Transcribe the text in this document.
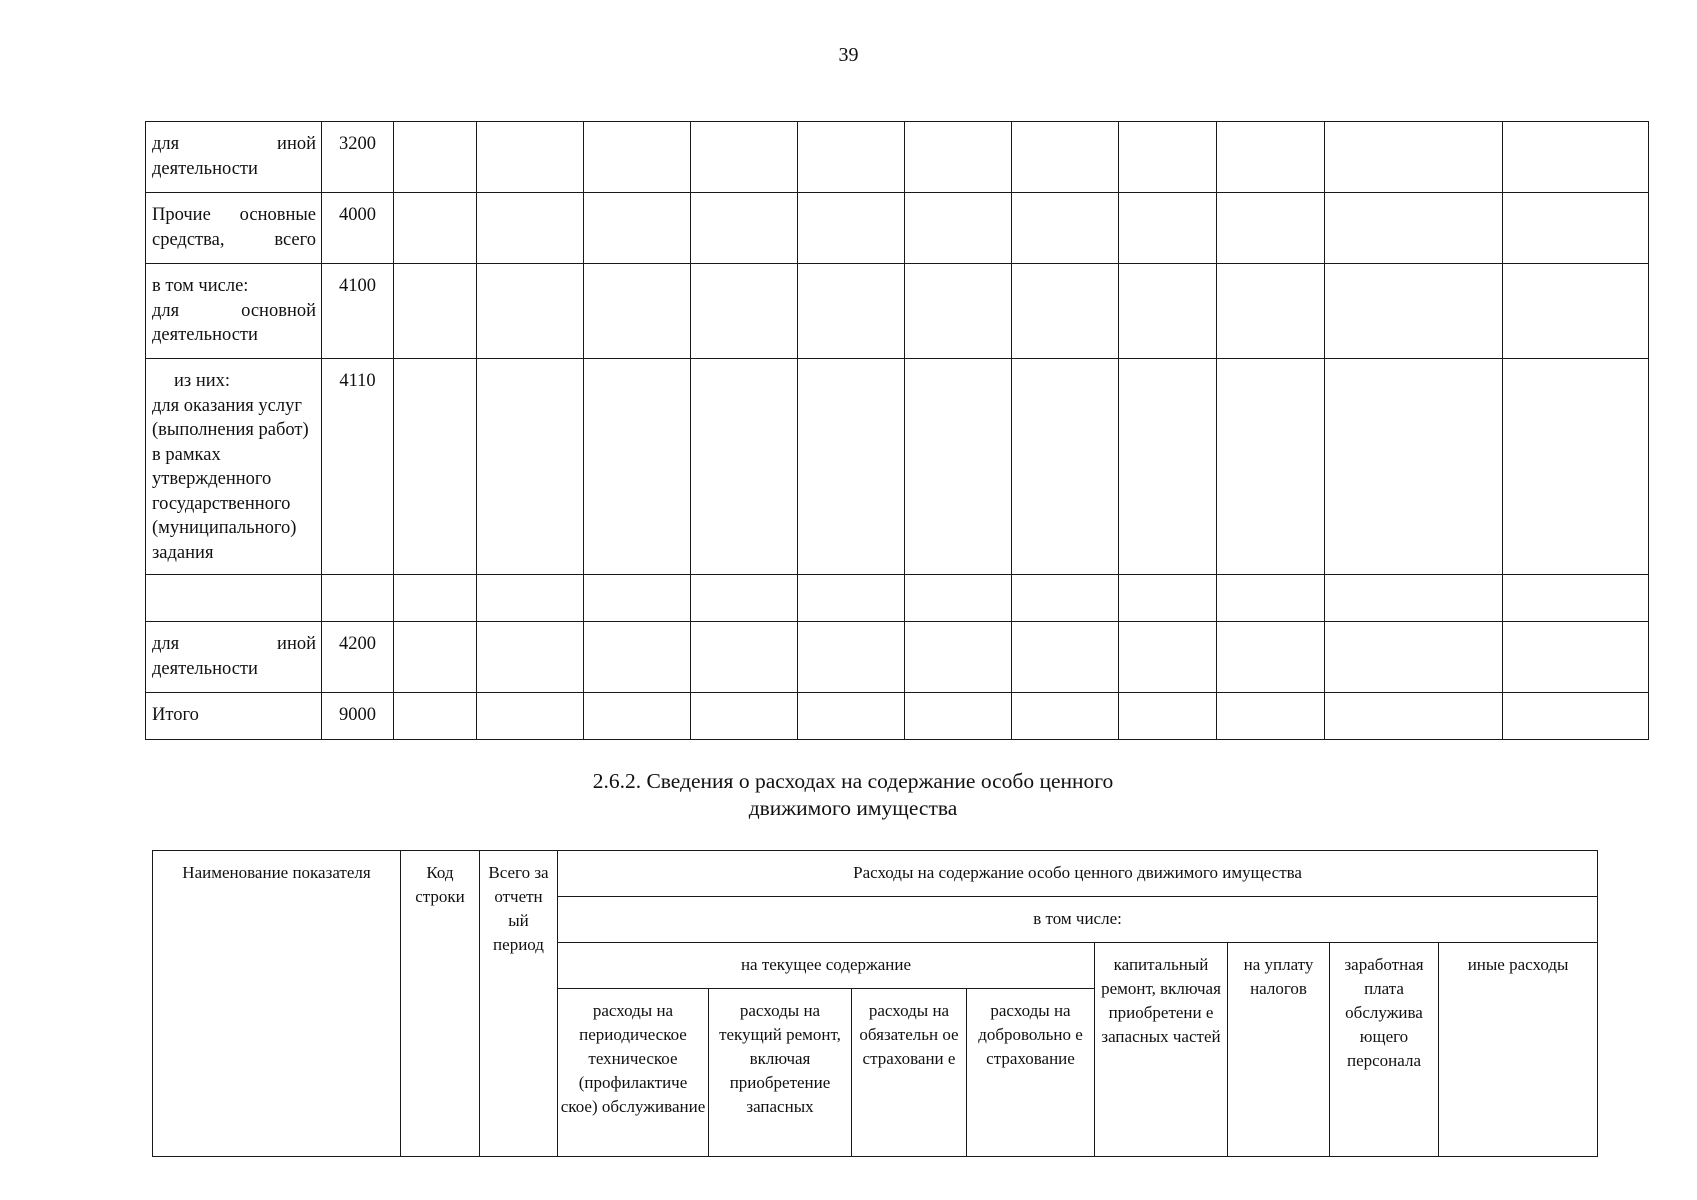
39
для иной деятельности	3200											

Прочие основные средства, всего	4000											

в том числе:
для основной деятельности	4100											

из них:
для оказания услуг (выполнения работ) в рамках утвержденного государственного (муниципального) задания	4110											

для иной деятельности	4200											
Итого	9000											
2.6.2. Сведения о расходах на содержание особо ценного
движимого имущества
Наименование показателя	Код строки	Всего за отчетн ый период	Расходы на содержание особо ценного движимого имущества							
			в том числе:							
			на текущее содержание				капитальный ремонт, включая приобретени е запасных частей	на уплату налогов	заработная плата обслужива ющего персонала	иные расходы
			расходы на периодическое техническое (профилактиче ское) обслуживание	расходы на текущий ремонт, включая приобретение запасных	расходы на обязательн ое страховани е	расходы на добровольно е страхование				
